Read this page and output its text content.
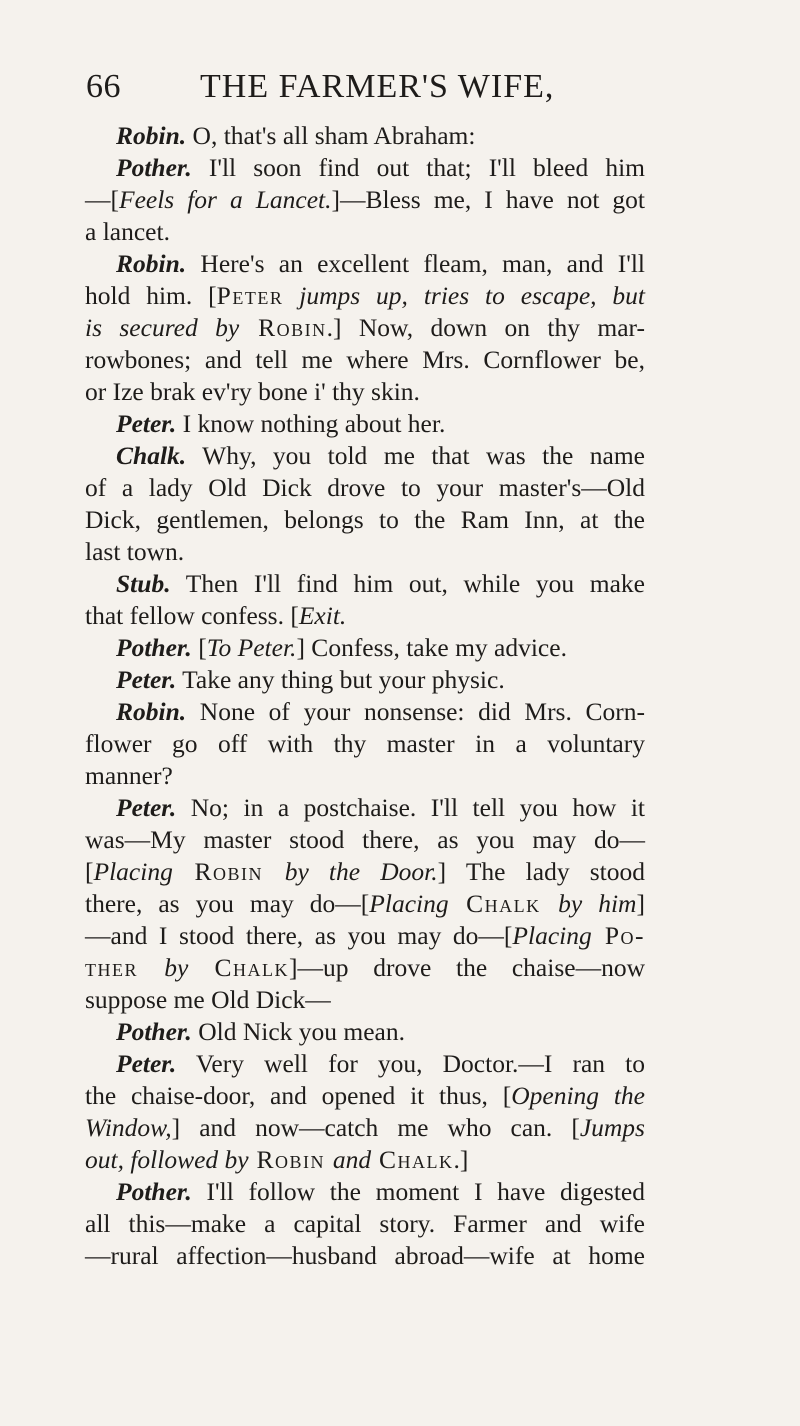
66	THE FARMER'S WIFE,
Robin. O, that's all sham Abraham:
Pother. I'll soon find out that; I'll bleed him
—[Feels for a Lancet.]—Bless me, I have not got
a lancet.
Robin. Here's an excellent fleam, man, and I'll
hold him. [Peter jumps up, tries to escape, but
is secured by Robin.] Now, down on thy mar-
rowbones; and tell me where Mrs. Cornflower be,
or Ize brak ev'ry bone i' thy skin.
Peter. I know nothing about her.
Chalk. Why, you told me that was the name
of a lady Old Dick drove to your master's—Old
Dick, gentlemen, belongs to the Ram Inn, at the
last town.
Stub. Then I'll find him out, while you make
that fellow confess. [Exit.
Pother. [To Peter.] Confess, take my advice.
Peter. Take any thing but your physic.
Robin. None of your nonsense: did Mrs. Corn-
flower go off with thy master in a voluntary
manner?
Peter. No; in a postchaise. I'll tell you how it
was—My master stood there, as you may do—
[Placing Robin by the Door.] The lady stood
there, as you may do—[Placing Chalk by him]
—and I stood there, as you may do—[Placing Po-
ther by Chalk]—up drove the chaise—now
suppose me Old Dick—
Pother. Old Nick you mean.
Peter. Very well for you, Doctor.—I ran to
the chaise-door, and opened it thus, [Opening the
Window,] and now—catch me who can. [Jumps
out, followed by Robin and Chalk.]
Pother. I'll follow the moment I have digested
all this—make a capital story. Farmer and wife
—rural affection—husband abroad—wife at home
